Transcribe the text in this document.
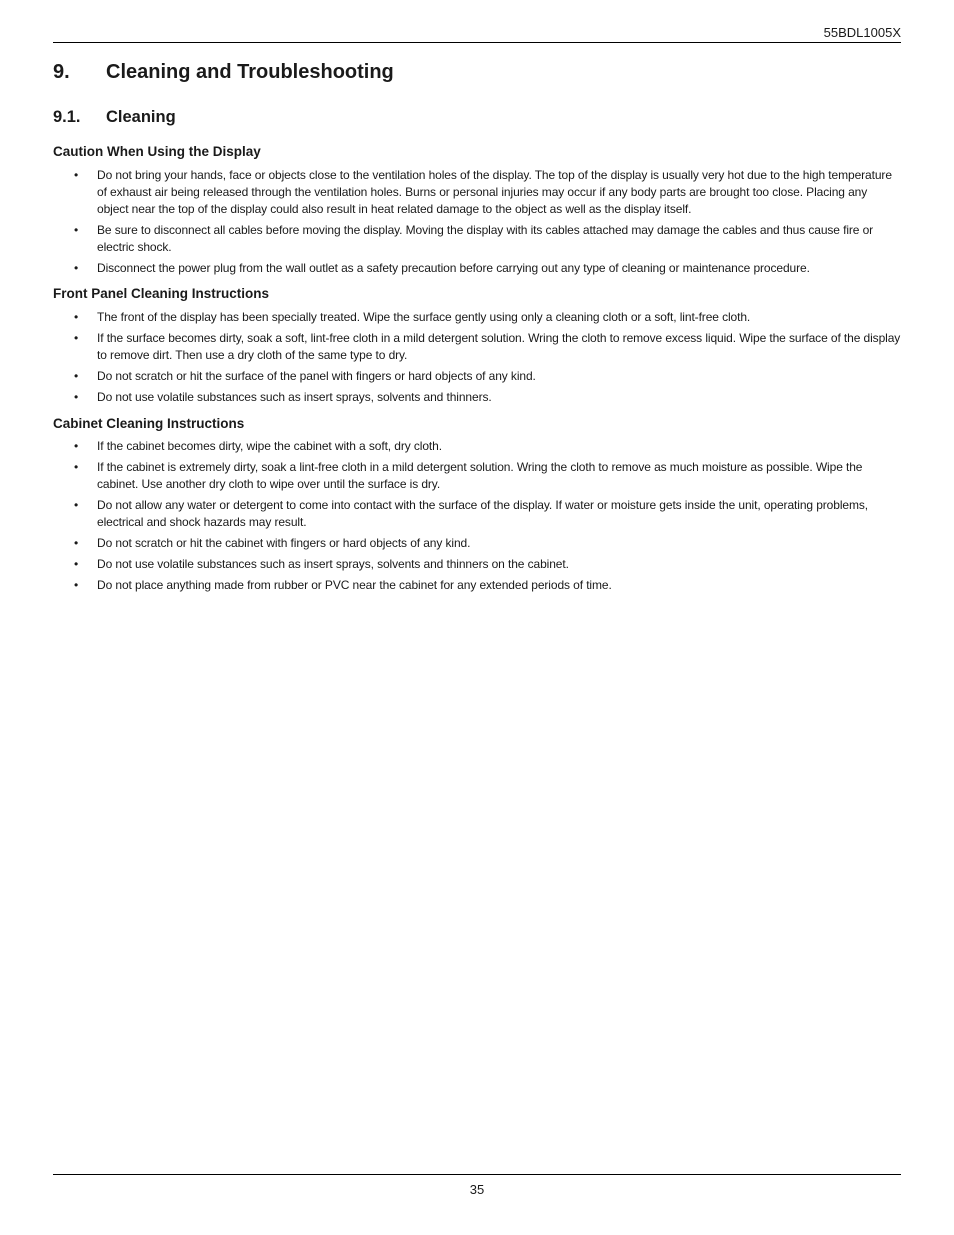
55BDL1005X
9.	Cleaning and Troubleshooting
9.1.	Cleaning
Caution When Using the Display
• Do not bring your hands, face or objects close to the ventilation holes of the display. The top of the display is usually very hot due to the high temperature of exhaust air being released through the ventilation holes. Burns or personal injuries may occur if any body parts are brought too close. Placing any object near the top of the display could also result in heat related damage to the object as well as the display itself.
• Be sure to disconnect all cables before moving the display. Moving the display with its cables attached may damage the cables and thus cause fire or electric shock.
• Disconnect the power plug from the wall outlet as a safety precaution before carrying out any type of cleaning or maintenance procedure.
Front Panel Cleaning Instructions
• The front of the display has been specially treated. Wipe the surface gently using only a cleaning cloth or a soft, lint-free cloth.
• If the surface becomes dirty, soak a soft, lint-free cloth in a mild detergent solution. Wring the cloth to remove excess liquid. Wipe the surface of the display to remove dirt. Then use a dry cloth of the same type to dry.
• Do not scratch or hit the surface of the panel with fingers or hard objects of any kind.
• Do not use volatile substances such as insert sprays, solvents and thinners.
Cabinet Cleaning Instructions
• If the cabinet becomes dirty, wipe the cabinet with a soft, dry cloth.
• If the cabinet is extremely dirty, soak a lint-free cloth in a mild detergent solution. Wring the cloth to remove as much moisture as possible. Wipe the cabinet. Use another dry cloth to wipe over until the surface is dry.
• Do not allow any water or detergent to come into contact with the surface of the display. If water or moisture gets inside the unit, operating problems, electrical and shock hazards may result.
• Do not scratch or hit the cabinet with fingers or hard objects of any kind.
• Do not use volatile substances such as insert sprays, solvents and thinners on the cabinet.
• Do not place anything made from rubber or PVC near the cabinet for any extended periods of time.
35
